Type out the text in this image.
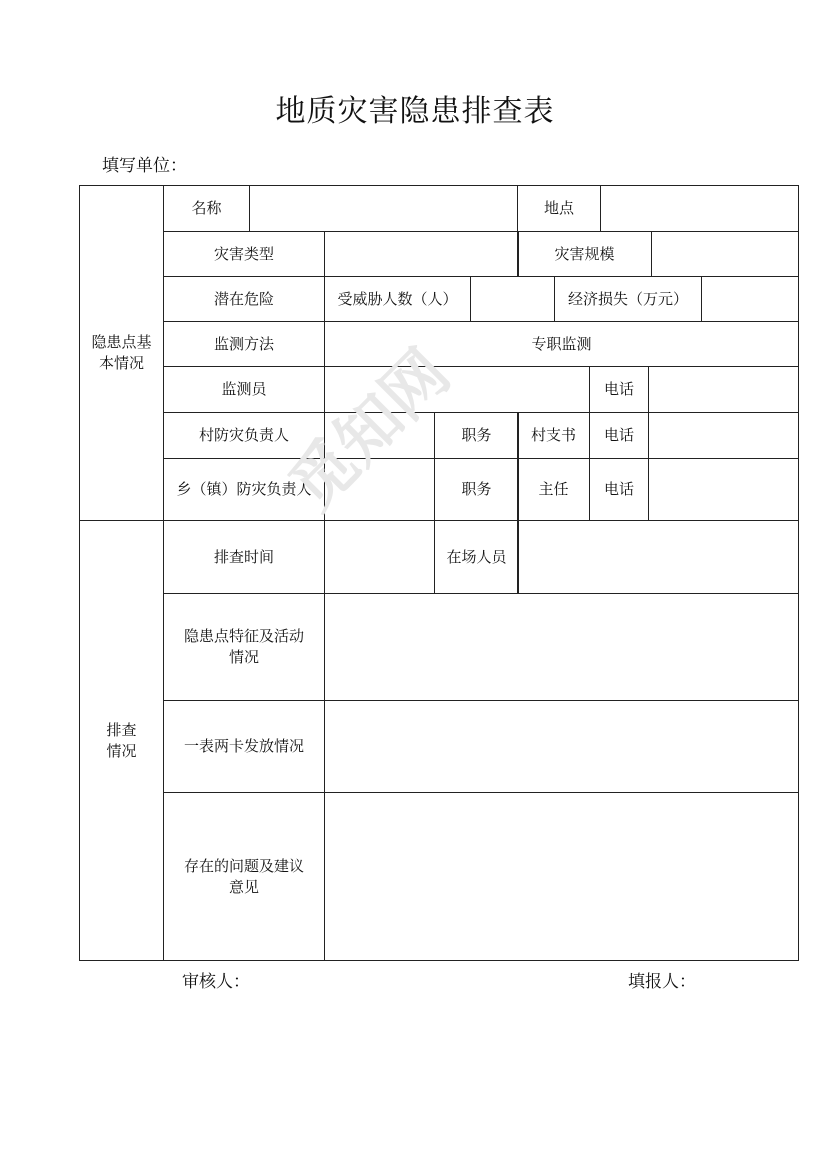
地质灾害隐患排查表
填写单位：
隐患点基
本情况
名称	地点
灾害类型	灾害规模
潜在危险	受威胁人数（人）	经济损失（万元）
监测方法	专职监测
监测员	电话
村防灾负责人	职务	村支书	电话
乡（镇）防灾负责人	职务	主任	电话
排查
情况
排查时间	在场人员
隐患点特征及活动
情况
一表两卡发放情况
存在的问题及建议
意见
审核人：	填报人：
觅知网
